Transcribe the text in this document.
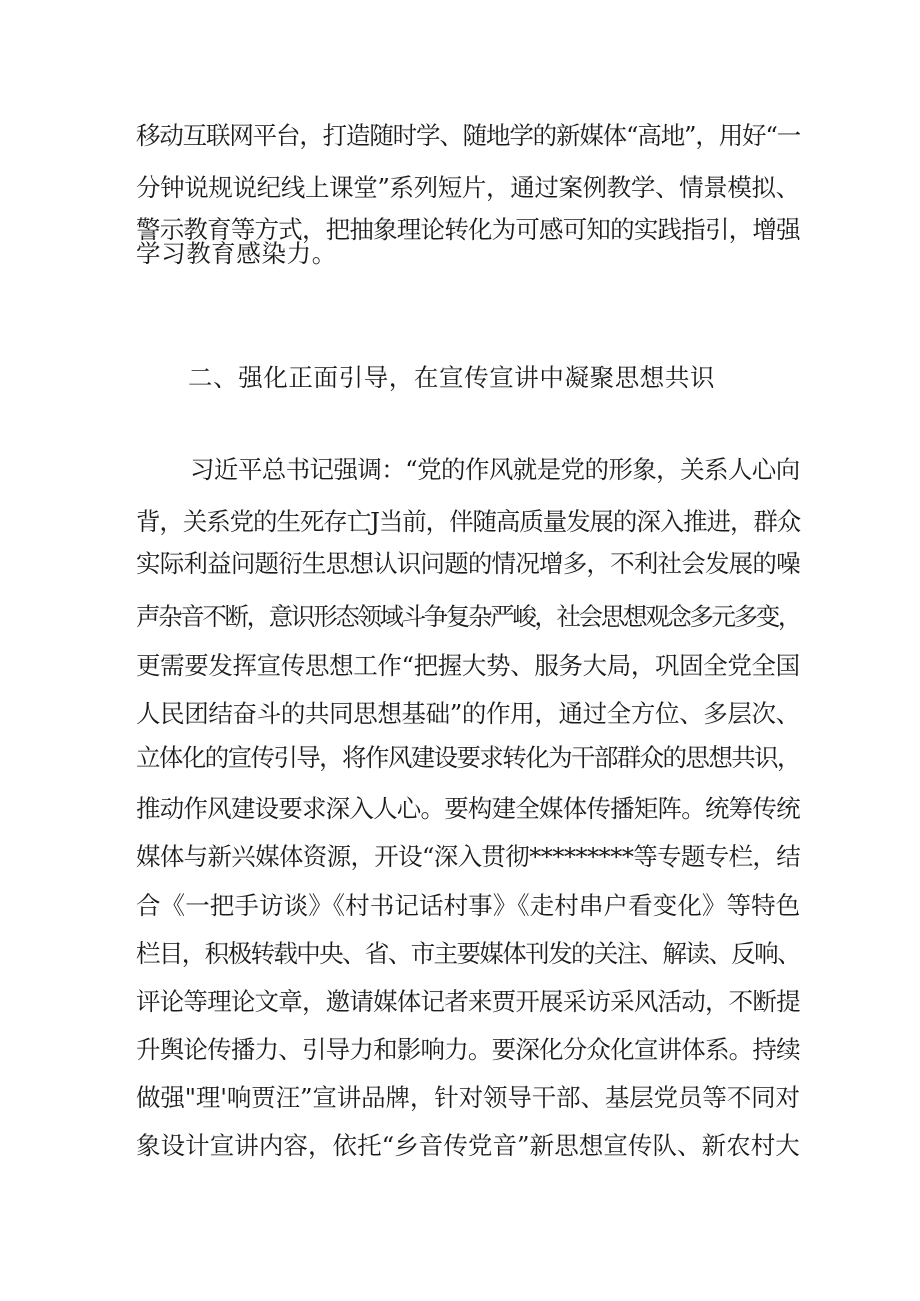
移动互联网平台，打造随时学、随地学的新媒体“高地”，用好“一
分钟说规说纪线上课堂”系列短片，通过案例教学、情景模拟、
警示教育等方式，把抽象理论转化为可感可知的实践指引，增强
学习教育感染力。
二、强化正面引导，在宣传宣讲中凝聚思想共识
习近平总书记强调：“党的作风就是党的形象，关系人心向
背，关系党的生死存亡J当前，伴随高质量发展的深入推进，群众
实际利益问题衍生思想认识问题的情况增多，不利社会发展的噪
声杂音不断，意识形态领域斗争复杂严峻，社会思想观念多元多变，
更需要发挥宣传思想工作“把握大势、服务大局，巩固全党全国
人民团结奋斗的共同思想基础”的作用，通过全方位、多层次、
立体化的宣传引导，将作风建设要求转化为干部群众的思想共识，
推动作风建设要求深入人心。要构建全媒体传播矩阵。统筹传统
媒体与新兴媒体资源，开设“深入贯彻*********等专题专栏，结
合《一把手访谈》《村书记话村事》《走村串户看变化》等特色
栏目，积极转载中央、省、市主要媒体刊发的关注、解读、反响、
评论等理论文章，邀请媒体记者来贾开展采访采风活动，不断提
升舆论传播力、引导力和影响力。要深化分众化宣讲体系。持续
做强"理'响贾汪”宣讲品牌，针对领导干部、基层党员等不同对
象设计宣讲内容，依托“乡音传党音”新思想宣传队、新农村大
